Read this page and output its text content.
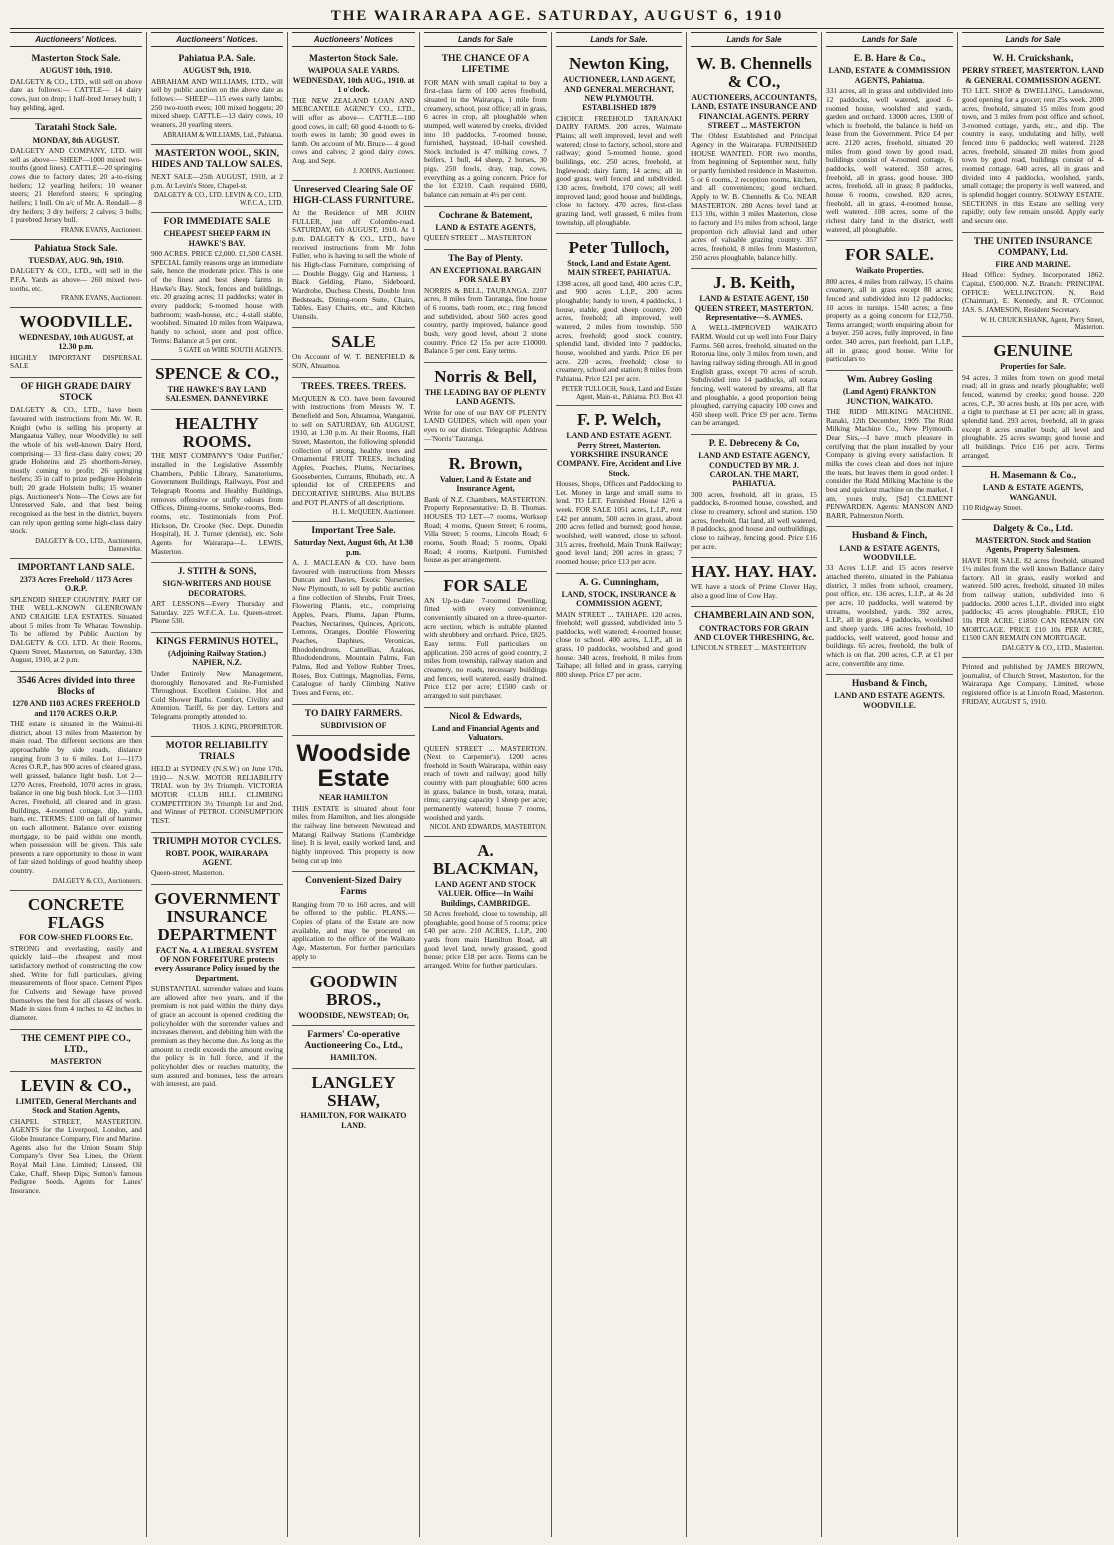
THE WAIRARAPA AGE. SATURDAY, AUGUST 6, 1910
Auctioneers' Notices.
Masterton Stock Sale.
AUGUST 10th, 1910.
DALGETY & CO., LTD., will sell on above date as follows:— CATTLE— 14 dairy cows, just on drop; 1 half-bred Jersey bull; 1 bay gelding, aged.
Taratahi Stock Sale.
MONDAY, 8th AUGUST.
DALGETY AND COMPANY, LTD. will sell as above— SHEEP—1000 mixed two-tooths (good lines). CATTLE—20 springing cows due to factory dates; 20 a-to-rising heifers; 12 yearling heifers; 10 weaner steers; 21 Hereford steers; 6 springing heifers; 1 bull. On a/c of Mr. A. Rendall— 8 dry heifers; 3 dry heifers; 2 calves; 3 bulls; 1 purebred Jersey bull.
FRANK EVANS, Auctioneer.
Pahiatua Stock Sale.
TUESDAY, AUG. 9th, 1910.
DALGETY & CO., LTD., will sell in the P.F.A. Yards as above— 260 mixed two-tooths, etc.
FRANK EVANS, Auctioneer.
WOODVILLE.
WEDNESDAY, 10th AUGUST, at 12.30 p.m.
HIGHLY IMPORTANT DISPERSAL SALE
OF HIGH GRADE DAIRY STOCK
DALGETY & CO., LTD., have been favoured with instructions from Mr. W. R. Knight (who is selling his property at Mangaatua Valley, near Woodville) to sell the whole of his well-known Dairy Herd, comprising— 33 first-class dairy cows; 20 grade Holsteins and 25 shorthorn-Jersey, mostly coming to profit; 26 springing heifers; 35 in calf to prize pedigree Holstein bull; 20 grade Holstein bulls; 15 weaner pigs. Auctioneer's Note—The Cows are for Unreserved Sale, and that best being recognised as the best in the district, buyers can rely upon getting some high-class dairy stock.
DALGETY & CO., LTD., Auctioneers, Dannevirke.
IMPORTANT LAND SALE.
2373 Acres Freehold / 1173 Acres O.R.P.
SPLENDID SHEEP COUNTRY. PART OF THE WELL-KNOWN GLENROWAN AND CRAIGIE LEA ESTATES. Situated about 5 miles from Te Wharau Township. To be offered by Public Auction by DALGETY & CO. LTD. At their Rooms, Queen Street, Masterton, on Saturday, 13th August, 1910, at 2 p.m.
3546 Acres divided into three Blocks of
1270 AND 1103 ACRES FREEHOLD and 1170 ACRES O.R.P.
THE estate is situated in the Wainui-iti district, about 13 miles from Masterton by main road. The different sections are then approachable by side roads, distance ranging from 3 to 6 miles. Lot 1—1173 Acres O.R.P., has 900 acres of cleared grass, well grassed, balance light bush. Lot 2—1270 Acres, Freehold, 1070 acres in grass, balance in one big bush block. Lot 3—1103 Acres, Freehold, all cleared and in grass. Buildings, 4-roomed cottage, dip, yards, barn, etc. TERMS: £100 on fall of hammer on each allotment. Balance over existing mortgage, to be paid within one month, when possession will be given. This sale presents a rare opportunity to those in want of fair sized holdings of good healthy sheep country.
DALGETY & CO., Auctioneers.
CONCRETE FLAGS
FOR COW-SHED FLOORS Etc.
STRONG and everlasting, easily and quickly laid—the cheapest and most satisfactory method of constructing the cow shed. Write for full particulars, giving measurements of floor space. Cement Pipes for Culverts and Sewage have proved themselves the best for all classes of work. Made in sizes from 4 inches to 42 inches in diameter.
THE CEMENT PIPE CO., LTD.,
MASTERTON
LEVIN & CO.,
LIMITED, General Merchants and Stock and Station Agents,
CHAPEL STREET, MASTERTON. AGENTS for the Liverpool, London, and Globe Insurance Company, Fire and Marine. Agents also for the Union Steam Ship Company's Over Sea Lines, the Orient Royal Mail Line. Limited; Linseed, Oil Cake, Chaff, Sheep Dips; Sutton's famous Pedigree Seeds. Agents for Lanes' Insurance.
Auctioneers' Notices.
Pahiatua P.A. Sale.
AUGUST 9th, 1910.
ABRAHAM AND WILLIAMS, LTD., will sell by public auction on the above date as follows:— SHEEP—115 ewes early lambs; 250 two-tooth ewes; 100 mixed hoggets; 20 mixed sheep. CATTLE—13 dairy cows, 10 weaners, 20 yearling steers.
ABRAHAM & WILLIAMS, Ltd., Pahiatua.
MASTERTON WOOL, SKIN, HIDES AND TALLOW SALES.
NEXT SALE—25th AUGUST, 1910, at 2 p.m. At Levin's Store, Chapel-st.
DALGETY & CO., LTD. LEVIN & CO., LTD. W.F.C.A., LTD.
FOR IMMEDIATE SALE
CHEAPEST SHEEP FARM IN HAWKE'S BAY.
900 ACRES. PRICE £2,000. £1,500 CASH. SPECIAL family reasons urge an immediate sale, hence the moderate price. This is one of the finest and best sheep farms in Hawke's Bay. Stock, fences and buildings, etc. 20 grazing acres; 11 paddocks; water in every paddock; 6-roomed house with bathroom; wash-house, etc.; 4-stall stable, woolshed. Situated 10 miles from Waipawa, handy to school, store and post office. Terms: Balance at 5 per cent.
5 GATE on WIRE SOUTH AGENTS.
SPENCE & CO.,
THE HAWKE'S BAY LAND SALESMEN. DANNEVIRKE
HEALTHY ROOMS.
THE MIST COMPANY'S 'Odor Purifier,' installed in the Legislative Assembly Chambers, Public Library, Sanatoriums, Government Buildings, Railways, Post and Telegraph Rooms and Healthy Buildings, removes offensive or stuffy odours from Offices, Dining-rooms, Smoke-rooms, Bed-rooms, etc. Testimonials from Prof. Hickson, Dr. Crooke (Sec. Dept. Dunedin Hospital), H. J. Turner (dentist), etc. Sole Agents for Wairarapa—L. LEWIS, Masterton.
J. STITH & SONS,
SIGN-WRITERS AND HOUSE DECORATORS.
ART LESSONS—Every Thursday and Saturday. 225 W.F.C.A. Lo. Queen-street. Phone 530.
KINGS FERMINUS HOTEL,
(Adjoining Railway Station.) NAPIER, N.Z.
Under Entirely New Management, thoroughly Renovated and Re-Furnished Throughout. Excellent Cuisine. Hot and Cold Shower Baths. Comfort, Civility and Attention. Tariff, 6s per day. Letters and Telegrams promptly attended to.
THOS. J. KING, PROPRIETOR.
MOTOR RELIABILITY TRIALS
HELD at SYDNEY (N.S.W.) on June 17th, 1910— N.S.W. MOTOR RELIABILITY TRIAL won by 3½ Triumph. VICTORIA MOTOR CLUB HILL CLIMBING COMPETITION 3½ Triumph 1st and 2nd, and Winner of PETROL CONSUMPTION TEST.
TRIUMPH MOTOR CYCLES.
ROBT. POOK, WAIRARAPA AGENT.
Queen-street, Masterton.
GOVERNMENT INSURANCE DEPARTMENT
FACT No. 4. A LIBERAL SYSTEM OF NON FORFEITURE protects every Assurance Policy issued by the Department.
SUBSTANTIAL surrender values and loans are allowed after two years, and if the premium is not paid within the thirty days of grace an account is opened crediting the policyholder with the surrender values and increases thereon, and debiting him with the premium as they become due. As long as the amount to credit exceeds the amount owing the policy is in full force, and if the policyholder dies or reaches maturity, the sum assured and bonuses, less the arrears with interest, are paid.
Auctioneers' Notices
Masterton Stock Sale.
WAIPOUA SALE YARDS. WEDNESDAY, 10th AUG., 1910. at 1 o'clock.
THE NEW ZEALAND LOAN AND MERCANTILE AGENCY CO., LTD., will offer as above— CATTLE—100 good cows, in calf; 60 good 4-tooth to 6-tooth ewes in lamb; 30 good ewes in lamb. On account of Mr. Bruce— 4 good cows and calves; 2 good dairy cows. Aug. and Sept.
J. JOHNS, Auctioneer.
Unreserved Clearing Sale OF HIGH-CLASS FURNITURE.
At the Residence of MR JOHN FULLER, just off Colombo-road. SATURDAY, 6th AUGUST, 1910. At 1 p.m. DALGETY & CO., LTD., have received instructions from Mr John Fuller, who is having to sell the whole of his High-class Furniture, comprising of— Double Buggy, Gig and Harness, 1 Black Gelding, Piano, Sideboard, Wardrobe, Duchess Chests, Double Iron Bedsteads, Dining-room Suite, Chairs, Tables, Easy Chairs, etc., and Kitchen Utensils.
SALE
On Account of W. T. BENEFIELD & SON, Ahuamoa.
TREES. TREES. TREES.
McQUEEN & CO. have been favoured with instructions from Messrs W. T. Benefield and Son, Ahuamoa, Wanganui, to sell on SATURDAY, 6th AUGUST, 1910, at 1.30 p.m. At their Rooms, Hall Street, Masterton, the following splendid collection of strong, healthy trees and Ornamental FRUIT TREES, including Apples, Peaches, Plums, Nectarines, Gooseberries, Currants, Rhubarb, etc. A splendid lot of CREEPERS and DECORATIVE SHRUBS. Also BULBS and POT PLANTS of all descriptions.
H. L. McQUEEN, Auctioneer.
Important Tree Sale.
Saturday Next, August 6th, At 1.30 p.m.
A. J. MACLEAN & CO. have been favoured with instructions from Messrs Duncan and Davies, Exotic Nurseries, New Plymouth, to sell by public auction a fine collection of Shrubs, Fruit Trees, Flowering Plants, etc., comprising Apples, Pears, Plums, Japan Plums, Peaches, Nectarines, Quinces, Apricots, Lemons, Oranges, Double Flowering Peaches, Daphnes, Veronicas, Rhododendrons, Camellias, Azaleas, Rhododendrons, Mountain Palms, Fan Palms, Red and Yellow Rubber Trees, Roses, Box Cuttings, Magnolias, Ferns, Catalogue of hardy Climbing Native Trees and Ferns, etc.
TO DAIRY FARMERS.
SUBDIVISION OF
Woodside Estate
NEAR HAMILTON
THIS ESTATE is situated about four miles from Hamilton, and lies alongside the railway line between Newstead and Matangi Railway Stations (Cambridge line). It is level, easily worked land, and highly improved. This property is now being cut up into
Convenient-Sized Dairy Farms
Ranging from 70 to 160 acres, and will be offered to the public. PLANS.—Copies of plans of the Estate are now available, and may be procured on application to the office of the Waikato Age, Masterton. For further particulars apply to
GOODWIN BROS.,
WOODSIDE, NEWSTEAD; Or,
Farmers' Co-operative Auctioneering Co., Ltd.,
HAMILTON.
LANGLEY SHAW,
HAMILTON, FOR WAIKATO LAND.
Lands for Sale
THE CHANCE OF A LIFETIME
FOR MAN with small capital to buy a first-class farm of 100 acres freehold, situated in the Wairarapa, 1 mile from creamery, school, post office; all in grass, 6 acres in crop, all ploughable when stumped, well watered by creeks, divided into 10 paddocks, 7-roomed house, furnished, haystead, 10-bail cowshed. Stock included is 47 milking cows, 7 heifers, 1 bull, 44 sheep, 2 horses, 30 pigs, 250 fowls, dray, trap, cows, everything as a going concern. Price for the lot £3210. Cash required £600, balance can remain at 4½ per cent.
Cochrane & Batement,
LAND & ESTATE AGENTS,
QUEEN STREET ... MASTERTON
The Bay of Plenty.
AN EXCEPTIONAL BARGAIN FOR SALE BY
NORRIS & BELL, TAURANGA. 2207 acres, 8 miles from Tauranga, fine house of 6 rooms, bath room, etc.; ring fenced and subdivided, about 560 acres good country, partly improved, balance good bush, very good level, about 2 stone country. Price £2 15s per acre £10000. Balance 5 per cent. Easy terms.
Norris & Bell,
THE LEADING BAY OF PLENTY LAND AGENTS.
Write for one of our BAY OF PLENTY LAND GUIDES, which will open your eyes to our district. Telegraphic Address—'Norris' Tauranga.
R. Brown,
Valuer, Land & Estate and Insurance Agent,
Bank of N.Z. Chambers, MASTERTON. Property Representative: D. B. Thomas. HOUSES TO LET—7 rooms, Worksop Road; 4 rooms, Queen Street; 6 rooms, Villa Street; 5 rooms, Lincoln Road; 6 rooms, South Road; 5 rooms, Opaki Road; 4 rooms, Kuripuni. Furnished house as per arrangement.
FOR SALE
AN Up-to-date 7-roomed Dwelling, fitted with every convenience; conveniently situated on a three-quarter-acre section, which is suitable planted with shrubbery and orchard. Price, £825. Easy terms. Full particulars on application. 250 acres of good country, 2 miles from township, railway station and creamery, no roads, necessary buildings and fences, well watered, easily drained. Price £12 per acre; £1500 cash or arranged to suit purchaser.
Nicol & Edwards,
Land and Financial Agents and Valuators.
QUEEN STREET ... MASTERTON. (Next to Carpenter's). 1200 acres freehold in South Wairarapa, within easy reach of town and railway; good hilly country with part ploughable; 600 acres in grass, balance in bush, totara, matai, rimu; carrying capacity 1 sheep per acre; permanently watered; house 7 rooms, woolshed and yards.
NICOL AND EDWARDS, MASTERTON.
A. BLACKMAN,
LAND AGENT AND STOCK VALUER. Office—In Waihi Buildings, CAMBRIDGE.
50 Acres freehold, close to township, all ploughable, good house of 5 rooms; price £40 per acre. 210 ACRES, L.I.P., 200 yards from main Hamilton Road, all good level land, newly grassed, good house; price £18 per acre. Terms can be arranged. Write for further particulars.
Lands for Sale.
Newton King,
AUCTIONEER, LAND AGENT, AND GENERAL MERCHANT, NEW PLYMOUTH. ESTABLISHED 1879
CHOICE FREEHOLD TARANAKI DAIRY FARMS. 200 acres, Waimate Plains; all well improved, level and well watered; close to factory, school, store and railway; good 5-roomed house, good buildings, etc. 250 acres, freehold, at Inglewood; dairy farm; 14 acres; all in good grass, well fenced and subdivided. 130 acres, freehold, 170 cows; all well improved land; good house and buildings, close to factory. 470 acres, first-class grazing land, well grassed, 6 miles from township, all ploughable.
Peter Tulloch,
Stock, Land and Estate Agent. MAIN STREET, PAHIATUA.
1398 acres, all good land, 400 acres C.P., and 900 acres L.I.P., 200 acres ploughable; handy to town, 4 paddocks, 1 house, stable, good sheep country. 200 acres, freehold; all improved, well watered, 2 miles from township. 550 acres, freehold; good stock country, splendid land, divided into 7 paddocks, house, woolshed and yards. Price £6 per acre. 220 acres, freehold; close to creamery, school and station; 8 miles from Pahiatua. Price £21 per acre.
PETER TULLOCH, Stock, Land and Estate Agent, Main-st., Pahiatua. P.O. Box 43
F. P. Welch,
LAND AND ESTATE AGENT. Perry Street, Masterton. YORKSHIRE INSURANCE COMPANY. Fire, Accident and Live Stock.
Houses, Shops, Offices and Paddocking to Let. Money in large and small sums to lend. TO LET. Furnished House 12/6 a week. FOR SALE 1051 acres, L.I.P., rent £42 per annum, 500 acres in grass, about 200 acres felled and burned; good house, woolshed, well watered, close to school. 315 acres, freehold, Main Trunk Railway; good level land; 200 acres in grass; 7 roomed house; price £13 per acre.
A. G. Cunningham,
LAND, STOCK, INSURANCE & COMMISSION AGENT,
MAIN STREET ... TAIHAPE. 120 acres, freehold; well grassed, subdivided into 5 paddocks, well watered; 4-roomed house; close to school. 400 acres, L.I.P., all in grass, 10 paddocks, woolshed and good house. 340 acres, freehold, 8 miles from Taihape; all felled and in grass, carrying 800 sheep. Price £7 per acre.
Lands for Sale
W. B. Chennells & CO.,
AUCTIONEERS, ACCOUNTANTS, LAND, ESTATE INSURANCE AND FINANCIAL AGENTS. PERRY STREET ... MASTERTON
The Oldest Established and Principal Agency in the Wairarapa. FURNISHED HOUSE WANTED. FOR two months, from beginning of September next, fully or partly furnished residence in Masterton. 5 or 6 rooms, 2 reception rooms, kitchen, and all conveniences; good orchard. Apply to W. B. Chennells & Co. NEAR MASTERTON. 280 Acres level land at £13 10s, within 3 miles Masterton, close to factory and 1½ miles from school, large proportion rich alluvial land and other acres of valuable grazing country. 357 acres, freehold, 8 miles from Masterton, 250 acres ploughable, balance hilly.
J. B. Keith,
LAND & ESTATE AGENT, 150 QUEEN STREET, MASTERTON. Representative—S. AYMES.
A WELL-IMPROVED WAIKATO FARM. Would cut up well into Four Dairy Farms. 560 acres, freehold, situated on the Rotorua line, only 3 miles from town, and having railway siding through. All in good English grass, except 70 acres of scrub. Subdivided into 14 paddocks, all totara fencing, well watered by streams, all flat and ploughable, a good proportion being ploughed, carrying capacity 100 cows and 450 sheep well. Price £9 per acre. Terms can be arranged.
P. E. Debreceny & Co,
LAND AND ESTATE AGENCY, CONDUCTED BY MR. J. CAROLAN. THE MART, PAHIATUA.
300 acres, freehold, all in grass, 15 paddocks, 8-roomed house, cowshed, and close to creamery, school and station. 150 acres, freehold, flat land, all well watered, 8 paddocks, good house and outbuildings, close to railway, fencing good. Price £16 per acre.
HAY. HAY. HAY.
WE have a stock of Prime Clover Hay, also a good line of Cow Hay.
CHAMBERLAIN AND SON,
CONTRACTORS FOR GRAIN AND CLOVER THRESHING, &c.
LINCOLN STREET ... MASTERTON
Lands for Sale
E. B. Hare & Co.,
LAND, ESTATE & COMMISSION AGENTS, Pahiatua.
331 acres, all in grass and subdivided into 12 paddocks, well watered, good 6-roomed house, woolshed and yards, garden and orchard. 13000 acres, 1300 of which is freehold, the balance is held on lease from the Government. Price £4 per acre. 2120 acres, freehold, situated 20 miles from good town by good road, buildings consist of 4-roomed cottage, 6 paddocks, well watered. 350 acres, freehold, all in grass, good house. 300 acres, freehold, all in grass; 8 paddocks, house 6 rooms, cowshed. 820 acres, freehold, all in grass, 4-roomed house, well watered. 108 acres, some of the richest dairy land in the district, well watered, all ploughable.
FOR SALE.
Waikato Properties.
800 acres, 4 miles from railway, 15 chains creamery, all in grass except 80 acres; fenced and subdivided into 12 paddocks; 10 acres in turnips. 1540 acres; a fine property as a going concern for £12,750. Terms arranged; worth enquiring about for a buyer. 250 acres, fully improved, in fine order. 340 acres, part freehold, part L.I.P., all in grass; good house. Write for particulars to
Wm. Aubrey Gosling
(Land Agent) FRANKTON JUNCTION, WAIKATO.
THE RIDD MILKING MACHINE. Ranaki, 12th December, 1909. The Ridd Milking Machine Co., New Plymouth. Dear Sirs,—I have much pleasure in certifying that the plant installed by your Company is giving every satisfaction. It milks the cows clean and does not injure the teats, but leaves them in good order. I consider the Ridd Milking Machine is the best and quickest machine on the market. I am, yours truly, [Sd] CLEMENT PENWARDEN. Agents: MANSON AND BARR, Palmerston North.
Husband & Finch,
LAND & ESTATE AGENTS, WOODVILLE.
33 Acres L.I.P. and 15 acres reserve attached thereto, situated in the Pahiatua district, 3 miles from school, creamery, post office, etc. 136 acres, L.I.P., at 4s 2d per acre, 10 paddocks, well watered by streams, woolshed, yards. 392 acres, L.I.P., all in grass, 4 paddocks, woolshed and sheep yards. 186 acres freehold, 10 paddocks, well watered, good house and buildings. 65 acres, freehold, the bulk of which is on flat. 200 acres, C.P. at £1 per acre, convertible any time.
Husband & Finch,
LAND AND ESTATE AGENTS. WOODVILLE.
Lands for Sale
W. H. Cruickshank,
PERRY STREET, MASTERTON. LAND & GENERAL COMMISSION AGENT.
TO LET. SHOP & DWELLING, Lansdowne, good opening for a grocer; rent 25s week. 2000 acres, freehold, situated 15 miles from good town, and 3 miles from post office and school, 3-roomed cottage, yards, etc., and dip. The country is easy, undulating and hilly, well fenced into 6 paddocks; well watered. 2128 acres, freehold, situated 20 miles from good town by good road, buildings consist of 4-roomed cottage. 640 acres, all in grass and divided into 4 paddocks, woolshed, yards, small cottage; the property is well watered, and is splendid hogget country. SOLWAY ESTATE. SECTIONS in this Estate are selling very rapidly; only few remain unsold. Apply early and secure one.
THE UNITED INSURANCE COMPANY, Ltd.
FIRE AND MARINE.
Head Office: Sydney. Incorporated 1862. Capital, £500,000. N.Z. Branch: PRINCIPAL OFFICE: WELLINGTON. N. Reid (Chairman), E. Kennedy, and R. O'Connor. JAS. S. JAMESON, Resident Secretary.
W. H. CRUICKSHANK, Agent, Perry Street, Masterton.
GENUINE
Properties for Sale.
94 acres, 3 miles from town on good metal road; all in grass and nearly ploughable; well fenced, watered by creeks; good house. 220 acres, C.P., 30 acres bush, at 10s per acre, with a right to purchase at £1 per acre; all in grass, splendid land. 293 acres, freehold, all in grass except 8 acres smaller bush; all level and ploughable. 25 acres swamp; good house and all buildings. Price £16 per acre. Terms arranged.
H. Masemann & Co.,
LAND & ESTATE AGENTS, WANGANUI.
110 Ridgway Street.
Dalgety & Co., Ltd.
MASTERTON. Stock and Station Agents, Property Salesmen.
HAVE FOR SALE. 82 acres freehold, situated 1½ miles from the well known Ballance dairy factory. All in grass, easily worked and watered. 500 acres, freehold, situated 10 miles from railway station, subdivided into 6 paddocks. 2000 acres L.I.P., divided into eight paddocks; 45 acres ploughable. PRICE, £10 10s PER ACRE. £1850 CAN REMAIN ON MORTGAGE. PRICE £10 10s PER ACRE, £1500 CAN REMAIN ON MORTGAGE.
DALGETY & CO., LTD., Masterton.
Printed and published by JAMES BROWN, journalist, of Church Street, Masterton, for the Wairarapa Age Company, Limited, whose registered office is at Lincoln Road, Masterton. FRIDAY, AUGUST 5, 1910.
